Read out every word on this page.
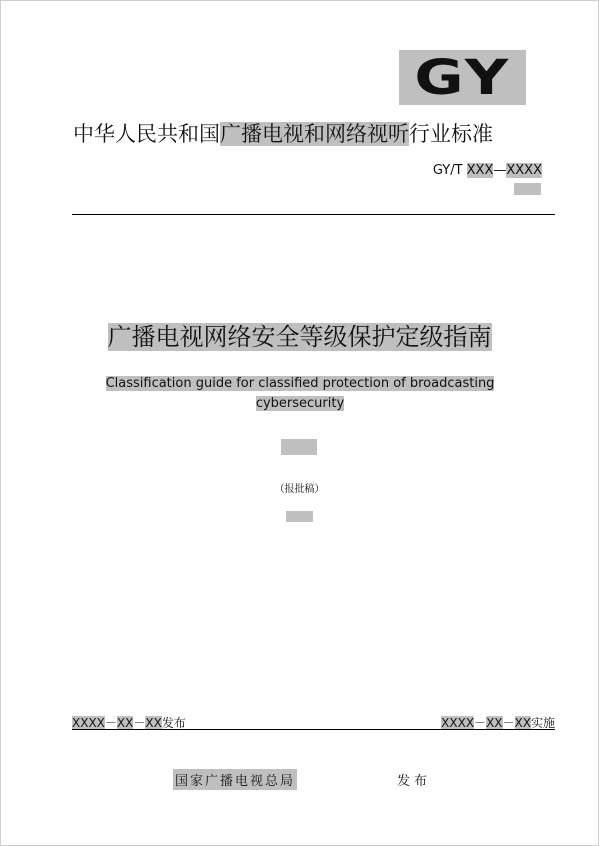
GY
中华人民共和国广播电视和网络视听行业标准
GY/T XXX—XXXX
广播电视网络安全等级保护定级指南
Classification guide for classified protection of broadcasting
cybersecurity
（报批稿）
XXXX－XX－XX发布	XXXX－XX－XX实施
国家广播电视总局	发布
